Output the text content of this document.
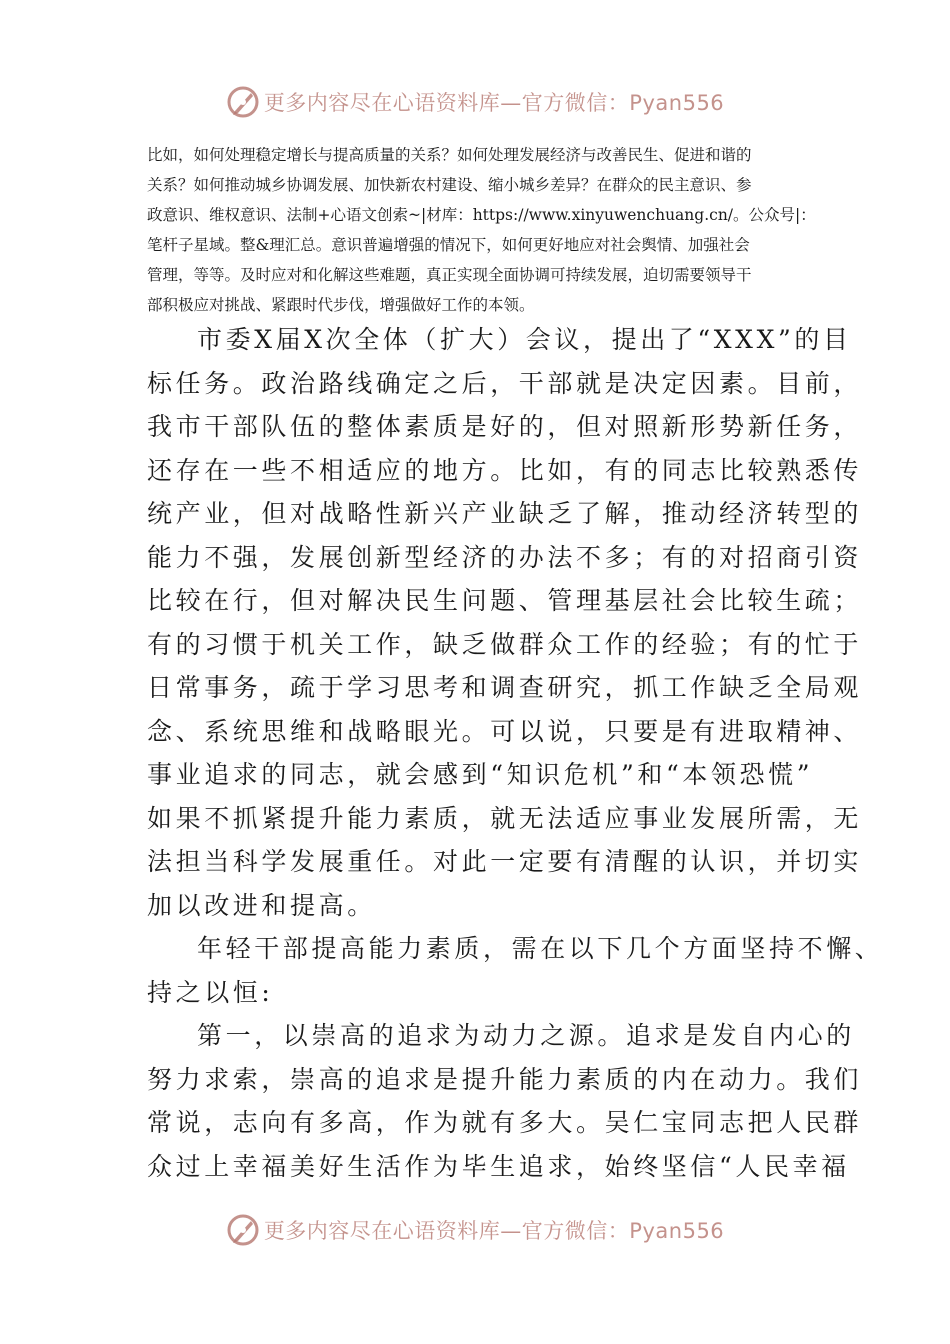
更多内容尽在心语资料库—官方微信：Pyan556
比如，如何处理稳定增长与提高质量的关系？如何处理发展经济与改善民生、促进和谐的
关系？如何推动城乡协调发展、加快新农村建设、缩小城乡差异？在群众的民主意识、参
政意识、维权意识、法制+心语文创索~|材库：https://www.xinyuwenchuang.cn/。公众号|：
笔杆子星域。整&理汇总。意识普遍增强的情况下，如何更好地应对社会舆情、加强社会
管理，等等。及时应对和化解这些难题，真正实现全面协调可持续发展，迫切需要领导干
部积极应对挑战、紧跟时代步伐，增强做好工作的本领。
市委X届X次全体（扩大）会议，提出了“XXX”的目
标任务。政治路线确定之后，干部就是决定因素。目前，
我市干部队伍的整体素质是好的，但对照新形势新任务，
还存在一些不相适应的地方。比如，有的同志比较熟悉传
统产业，但对战略性新兴产业缺乏了解，推动经济转型的
能力不强，发展创新型经济的办法不多；有的对招商引资
比较在行，但对解决民生问题、管理基层社会比较生疏；
有的习惯于机关工作，缺乏做群众工作的经验；有的忙于
日常事务，疏于学习思考和调查研究，抓工作缺乏全局观
念、系统思维和战略眼光。可以说，只要是有进取精神、
事业追求的同志，就会感到“知识危机”和“本领恐慌”
如果不抓紧提升能力素质，就无法适应事业发展所需，无
法担当科学发展重任。对此一定要有清醒的认识，并切实
加以改进和提高。
年轻干部提高能力素质，需在以下几个方面坚持不懈、
持之以恒:
第一，以崇高的追求为动力之源。追求是发自内心的
努力求索，崇高的追求是提升能力素质的内在动力。我们
常说，志向有多高，作为就有多大。吴仁宝同志把人民群
众过上幸福美好生活作为毕生追求，始终坚信“人民幸福
更多内容尽在心语资料库—官方微信：Pyan556
